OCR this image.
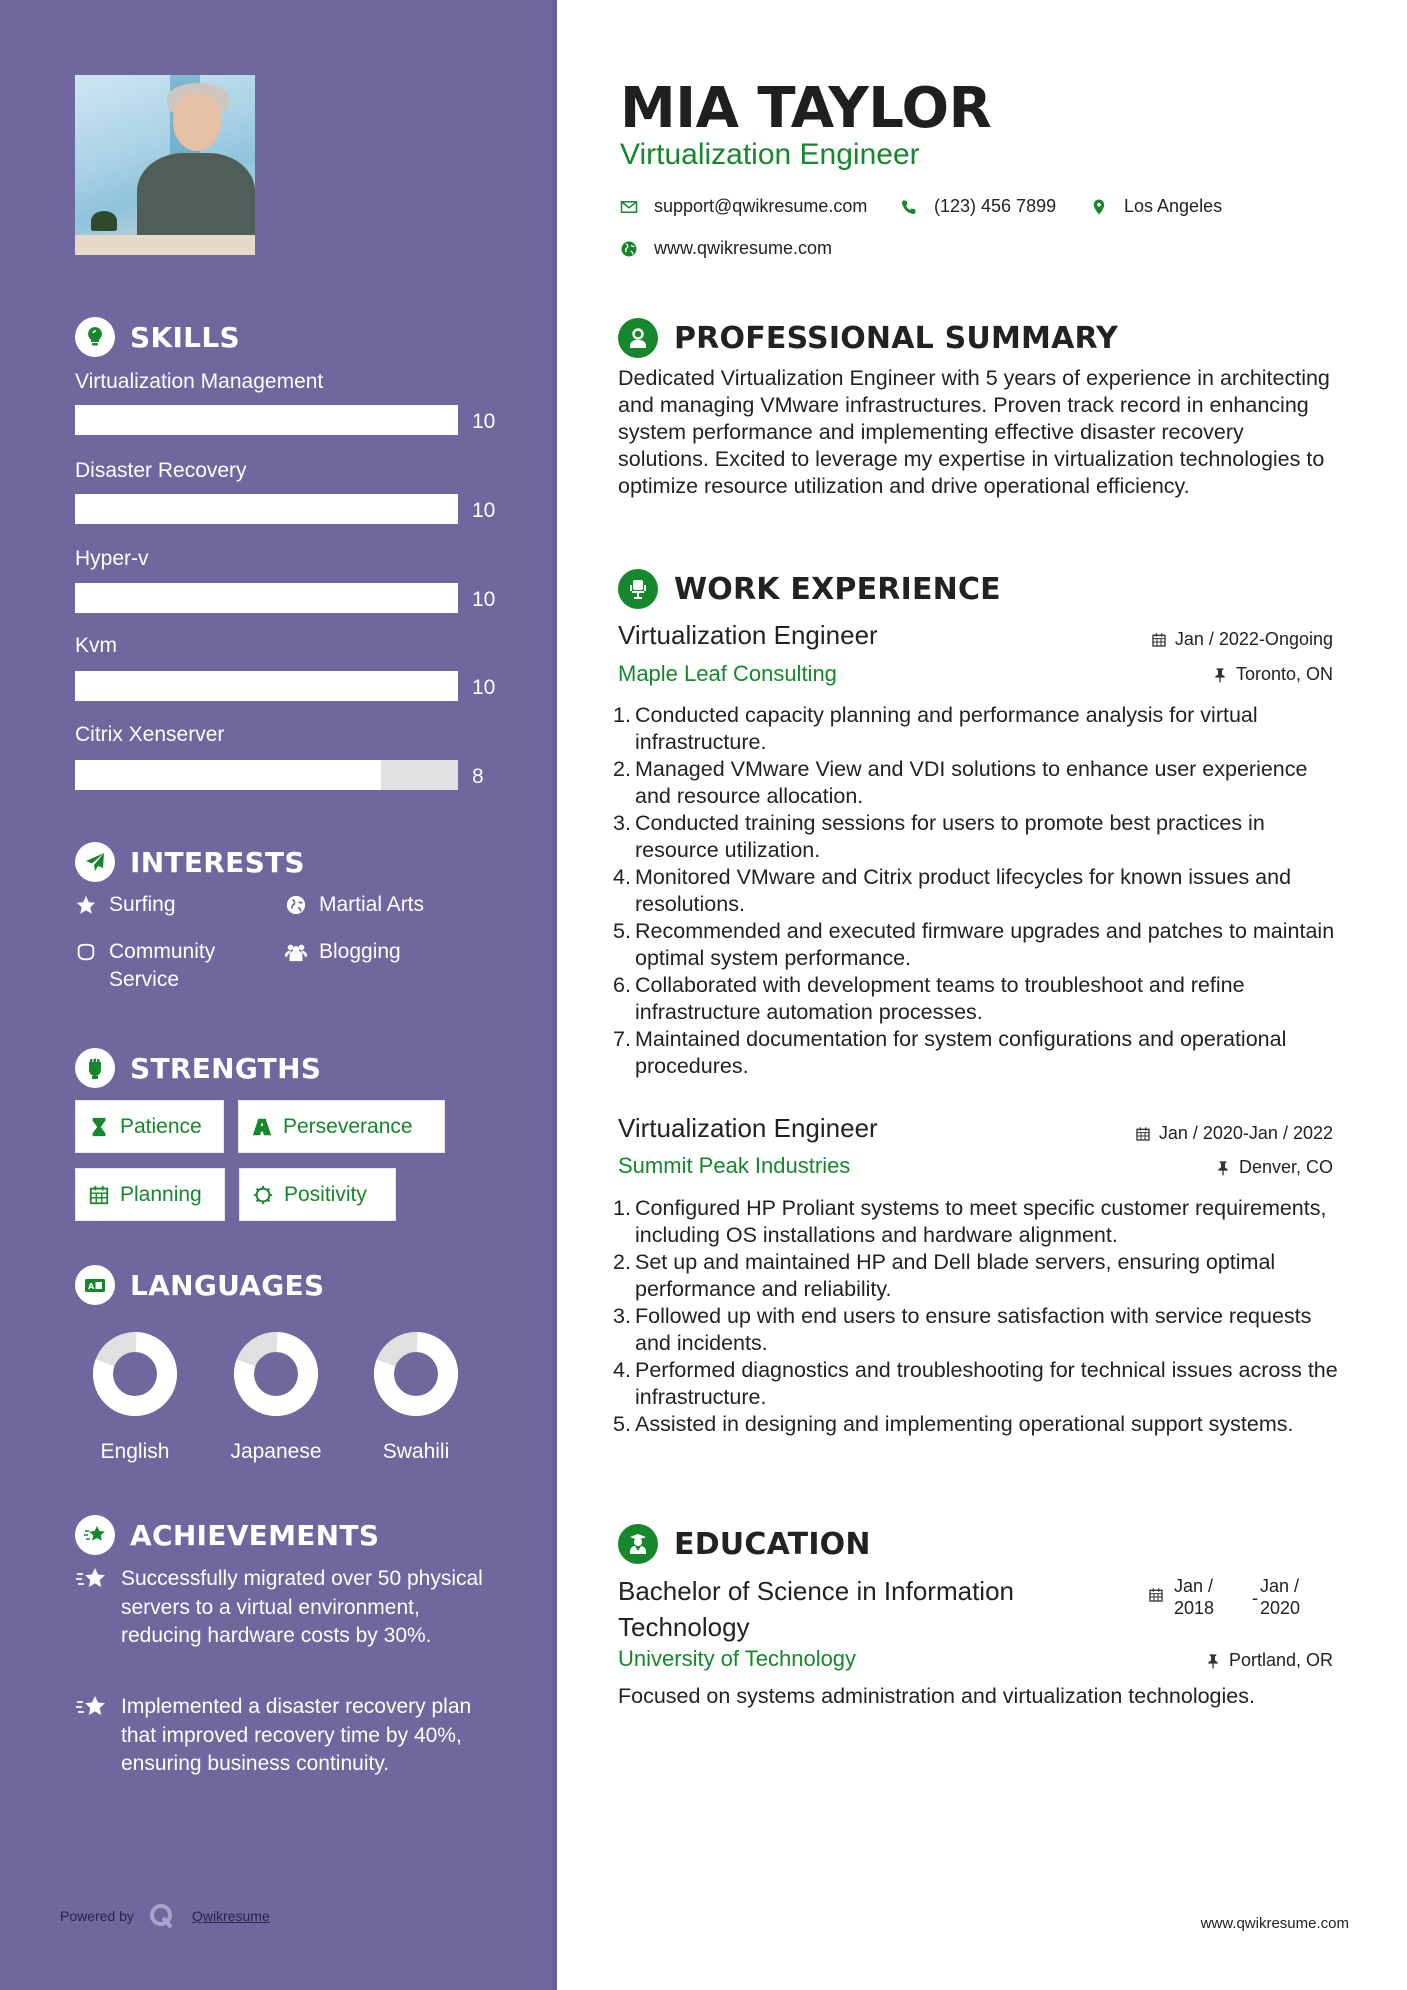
SKILLS
Virtualization Management
10
Disaster Recovery
10
Hyper-v
10
Kvm
10
Citrix Xenserver
8
INTERESTS
Surfing	Martial Arts
Community Service
Blogging
STRENGTHS
Patience	Perseverance
Planning	Positivity
A LANGUAGES
English	Japanese	Swahili
ACHIEVEMENTS
Successfully migrated over 50 physical servers to a virtual environment, reducing hardware costs by 30%.
Implemented a disaster recovery plan that improved recovery time by 40%, ensuring business continuity.
Powered by	Qwikresume
MIA TAYLOR
Virtualization Engineer
support@qwikresume.com	(123) 456 7899	Los Angeles
www.qwikresume.com
PROFESSIONAL SUMMARY
Dedicated Virtualization Engineer with 5 years of experience in architecting and managing VMware infrastructures. Proven track record in enhancing system performance and implementing effective disaster recovery solutions. Excited to leverage my expertise in virtualization technologies to optimize resource utilization and drive operational efficiency.
WORK EXPERIENCE
Virtualization Engineer	Jan / 2022-Ongoing
Maple Leaf Consulting	Toronto, ON
Conducted capacity planning and performance analysis for virtual infrastructure.
Managed VMware View and VDI solutions to enhance user experience and resource allocation.
Conducted training sessions for users to promote best practices in resource utilization.
Monitored VMware and Citrix product lifecycles for known issues and resolutions.
Recommended and executed firmware upgrades and patches to maintain optimal system performance.
Collaborated with development teams to troubleshoot and refine infrastructure automation processes.
Maintained documentation for system configurations and operational procedures.
Virtualization Engineer	Jan / 2020-Jan / 2022
Summit Peak Industries	Denver, CO
Configured HP Proliant systems to meet specific customer requirements, including OS installations and hardware alignment.
Set up and maintained HP and Dell blade servers, ensuring optimal performance and reliability.
Followed up with end users to ensure satisfaction with service requests and incidents.
Performed diagnostics and troubleshooting for technical issues across the infrastructure.
Assisted in designing and implementing operational support systems.
EDUCATION
Bachelor of Science in Information Technology
Jan /
2018	-
Jan /
2020
University of Technology	Portland, OR
Focused on systems administration and virtualization technologies.
www.qwikresume.com
